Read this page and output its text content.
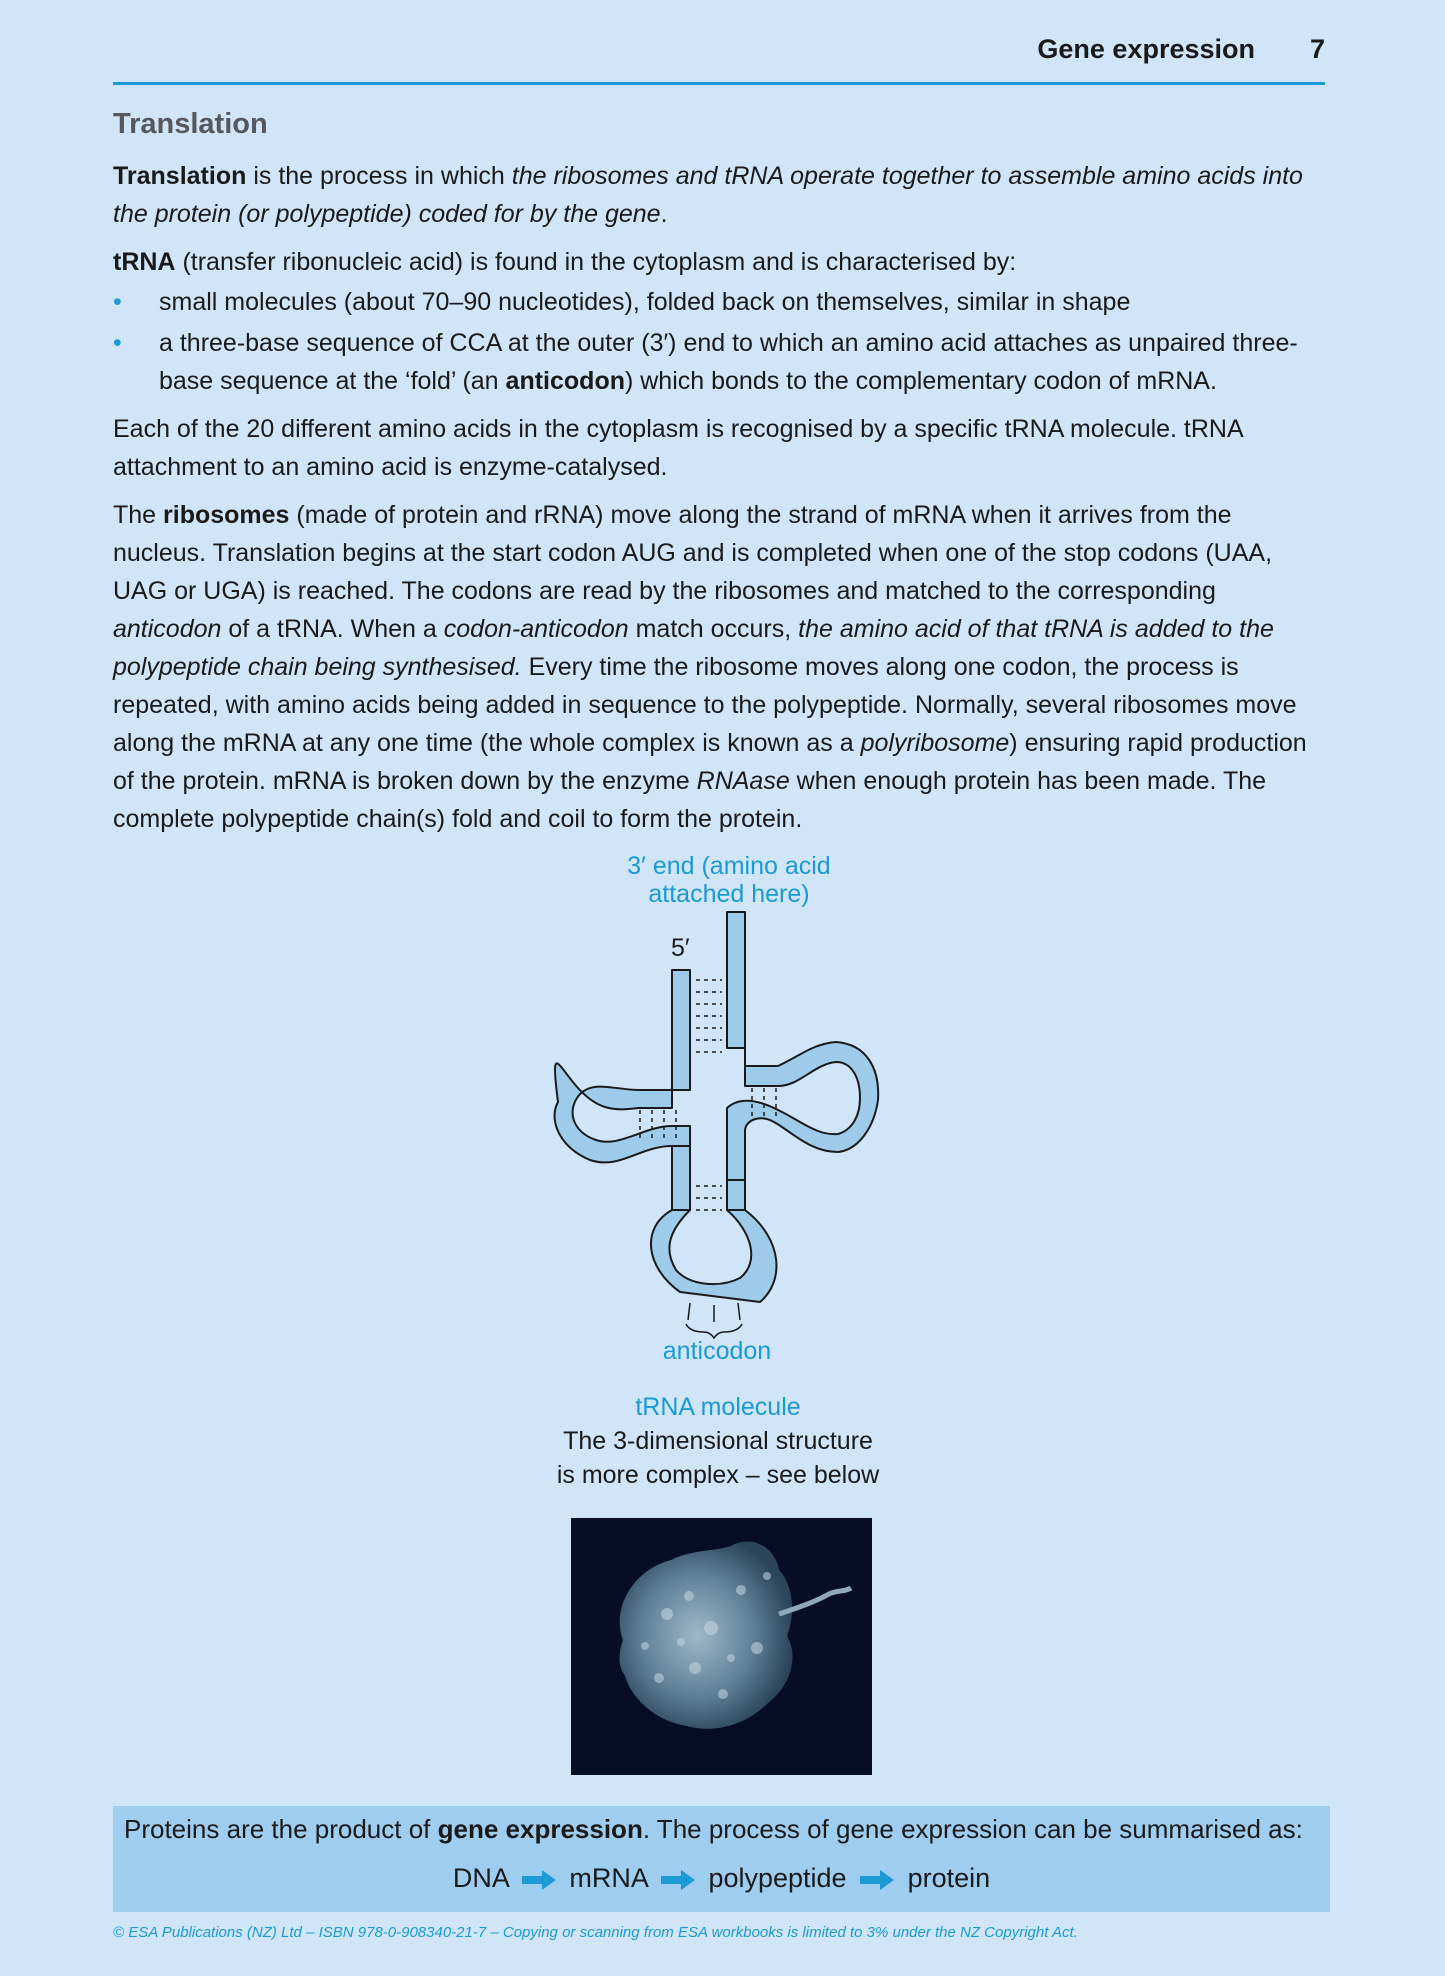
Gene expression 7
Translation

Translation is the process in which the ribosomes and tRNA operate together to assemble amino acids into the protein (or polypeptide) coded for by the gene.

tRNA (transfer ribonucleic acid) is found in the cytoplasm and is characterised by:

• small molecules (about 70–90 nucleotides), folded back on themselves, similar in shape
• a three-base sequence of CCA at the outer (3′) end to which an amino acid attaches as unpaired three-base sequence at the ‘fold’ (an anticodon) which bonds to the complementary codon of mRNA.

Each of the 20 different amino acids in the cytoplasm is recognised by a specific tRNA molecule. tRNA attachment to an amino acid is enzyme-catalysed.

The ribosomes (made of protein and rRNA) move along the strand of mRNA when it arrives from the nucleus. Translation begins at the start codon AUG and is completed when one of the stop codons (UAA, UAG or UGA) is reached. The codons are read by the ribosomes and matched to the corresponding anticodon of a tRNA. When a codon-anticodon match occurs, the amino acid of that tRNA is added to the polypeptide chain being synthesised. Every time the ribosome moves along one codon, the process is repeated, with amino acids being added in sequence to the polypeptide. Normally, several ribosomes move along the mRNA at any one time (the whole complex is known as a polyribosome) ensuring rapid production of the protein. mRNA is broken down by the enzyme RNAase when enough protein has been made. The complete polypeptide chain(s) fold and coil to form the protein.

3′ end (amino acid
attached here)
5′
anticodon
tRNA molecule
The 3-dimensional structure
is more complex – see below
Proteins are the product of gene expression. The process of gene expression can be summarised as:
DNA mRNA polypeptide protein
© ESA Publications (NZ) Ltd – ISBN 978-0-908340-21-7 – Copying or scanning from ESA workbooks is limited to 3% under the NZ Copyright Act.
